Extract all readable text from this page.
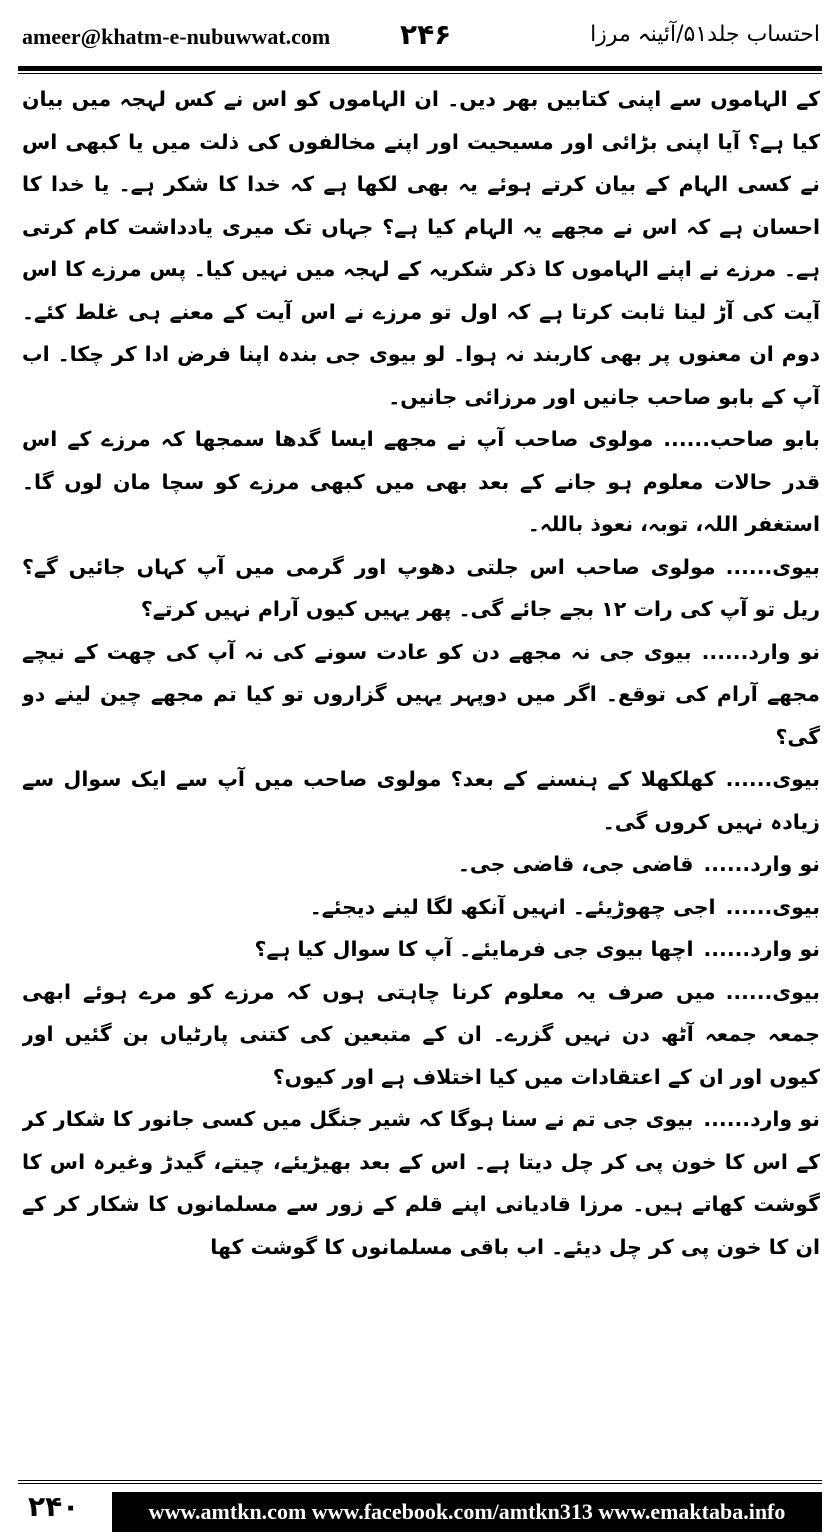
ameer@khatm-e-nubuwwat.com ۲۴۶	احتساب جلد۵۱/آئینہ مرزا

کے الہاموں سے اپنی کتابیں بھر دیں۔ ان الہاموں کو اس نے کس لہجہ میں بیان کیا ہے؟ آیا اپنی بڑائی اور مسیحیت اور اپنے مخالفوں کی ذلت میں یا کبھی اس نے کسی الہام کے بیان کرتے ہوئے یہ بھی لکھا ہے کہ خدا کا شکر ہے۔ یا خدا کا احسان ہے کہ اس نے مجھے یہ الہام کیا ہے؟ جہاں تک میری یادداشت کام کرتی ہے۔ مرزے نے اپنے الہاموں کا ذکر شکریہ کے لہجہ میں نہیں کیا۔ پس مرزے کا اس آیت کی آڑ لینا ثابت کرتا ہے کہ اول تو مرزے نے اس آیت کے معنے ہی غلط کئے۔ دوم ان معنوں پر بھی کاربند نہ ہوا۔ لو بیوی جی بندہ اپنا فرض ادا کر چکا۔ اب آپ کے بابو صاحب جانیں اور مرزائی جانیں۔

بابو صاحب......مولوی صاحب آپ نے مجھے ایسا گدھا سمجھا کہ مرزے کے اس قدر حالات معلوم ہو جانے کے بعد بھی میں کبھی مرزے کو سچا مان لوں گا۔ استغفر اللہ، توبہ، نعوذ باللہ۔

بیوی......مولوی صاحب اس جلتی دھوپ اور گرمی میں آپ کہاں جائیں گے؟ ریل تو آپ کی رات ۱۲ بجے جائے گی۔ پھر یہیں کیوں آرام نہیں کرتے؟

نو وارد......بیوی جی نہ مجھے دن کو عادت سونے کی نہ آپ کی چھت کے نیچے مجھے آرام کی توقع۔ اگر میں دوپہر یہیں گزاروں تو کیا تم مجھے چین لینے دو گی؟

بیوی......کھلکھلا کے ہنسنے کے بعد؟ مولوی صاحب میں آپ سے ایک سوال سے زیادہ نہیں کروں گی۔

نو وارد......قاضی جی، قاضی جی۔

بیوی......اجی چھوڑیئے۔ انہیں آنکھ لگا لینے دیجئے۔

نو وارد......اچھا بیوی جی فرمایئے۔ آپ کا سوال کیا ہے؟

بیوی......میں صرف یہ معلوم کرنا چاہتی ہوں کہ مرزے کو مرے ہوئے ابھی جمعہ جمعہ آٹھ دن نہیں گزرے۔ ان کے متبعین کی کتنی پارٹیاں بن گئیں اور کیوں اور ان کے اعتقادات میں کیا اختلاف ہے اور کیوں؟

نو وارد......بیوی جی تم نے سنا ہوگا کہ شیر جنگل میں کسی جانور کا شکار کر کے اس کا خون پی کر چل دیتا ہے۔ اس کے بعد بھیڑیئے، چیتے، گیدڑ وغیرہ اس کا گوشت کھاتے ہیں۔ مرزا قادیانی اپنے قلم کے زور سے مسلمانوں کا شکار کر کے ان کا خون پی کر چل دیئے۔ اب باقی مسلمانوں کا گوشت کھا

۲۴۰	www.amtkn.com www.facebook.com/amtkn313 www.emaktaba.info
